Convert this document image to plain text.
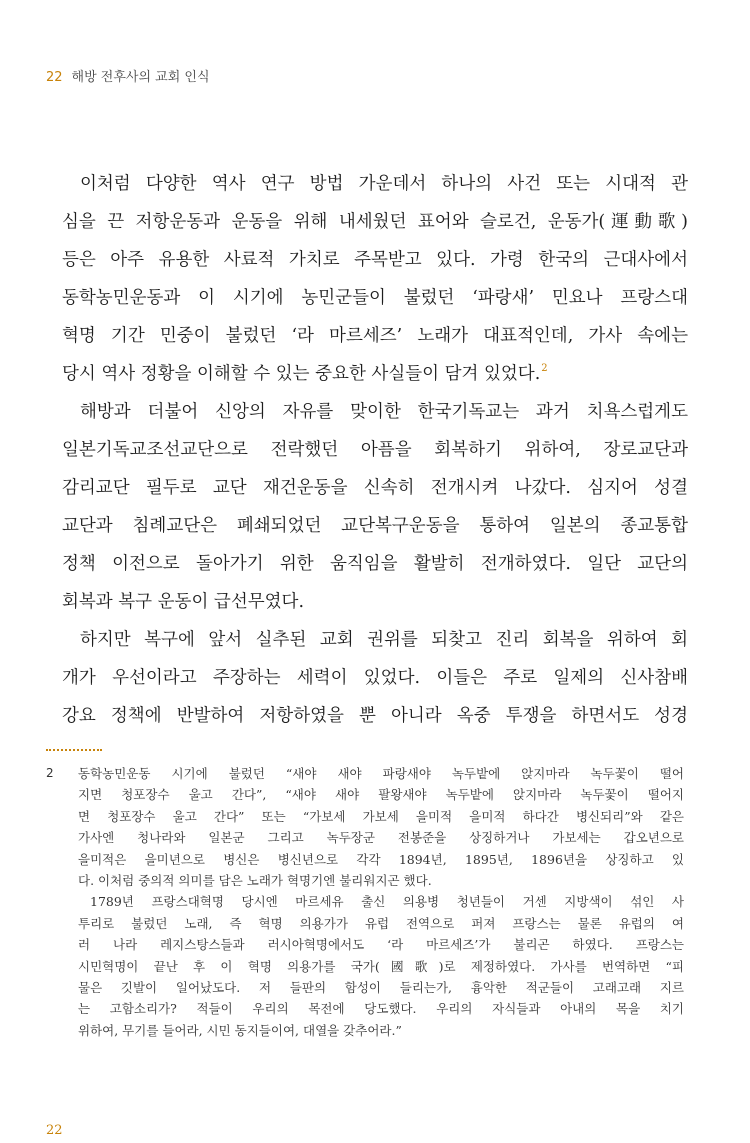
22 해방 전후사의 교회 인식
이처럼 다양한 역사 연구 방법 가운데서 하나의 사건 또는 시대적 관
심을 끈 저항운동과 운동을 위해 내세웠던 표어와 슬로건, 운동가(運動歌)
등은 아주 유용한 사료적 가치로 주목받고 있다. 가령 한국의 근대사에서
동학농민운동과 이 시기에 농민군들이 불렀던 ‘파랑새’ 민요나 프랑스대
혁명 기간 민중이 불렀던 ‘라 마르세즈’ 노래가 대표적인데, 가사 속에는
당시 역사 정황을 이해할 수 있는 중요한 사실들이 담겨 있었다.$^2$
해방과 더불어 신앙의 자유를 맞이한 한국기독교는 과거 치욕스럽게도
일본기독교조선교단으로 전락했던 아픔을 회복하기 위하여, 장로교단과
감리교단 필두로 교단 재건운동을 신속히 전개시켜 나갔다. 심지어 성결
교단과 침례교단은 폐쇄되었던 교단복구운동을 통하여 일본의 종교통합
정책 이전으로 돌아가기 위한 움직임을 활발히 전개하였다. 일단 교단의
회복과 복구 운동이 급선무였다.
하지만 복구에 앞서 실추된 교회 권위를 되찾고 진리 회복을 위하여 회
개가 우선이라고 주장하는 세력이 있었다. 이들은 주로 일제의 신사참배
강요 정책에 반발하여 저항하였을 뿐 아니라 옥중 투쟁을 하면서도 성경
2 동학농민운동 시기에 불렀던 “새야 새야 파랑새야 녹두밭에 앉지마라 녹두꽃이 떨어
지면 청포장수 울고 간다”, “새야 새야 팔왕새야 녹두밭에 앉지마라 녹두꽃이 떨어지
면 청포장수 울고 간다” 또는 “가보세 가보세 을미적 을미적 하다간 병신되리”와 같은
가사엔 청나라와 일본군 그리고 녹두장군 전봉준을 상징하거나 가보세는 갑오년으로
을미적은 을미년으로 병신은 병신년으로 각각 1894년, 1895년, 1896년을 상징하고 있
다. 이처럼 중의적 의미를 담은 노래가 혁명기엔 불리워지곤 했다.
1789년 프랑스대혁명 당시엔 마르세유 출신 의용병 청년들이 거센 지방색이 섞인 사
투리로 불렀던 노래, 즉 혁명 의용가가 유럽 전역으로 퍼져 프랑스는 물론 유럽의 여
러 나라 레지스탕스들과 러시아혁명에서도 ‘라 마르세즈’가 불리곤 하였다. 프랑스는
시민혁명이 끝난 후 이 혁명 의용가를 국가(國歌)로 제정하였다. 가사를 번역하면 “피
물은 깃발이 일어났도다. 저 들판의 함성이 들리는가, 흉악한 적군들이 고래고래 지르
는 고함소리가? 적들이 우리의 목전에 당도했다. 우리의 자식들과 아내의 목을 치기
위하여, 무기를 들어라, 시민 동지들이여, 대열을 갖추어라.”
22
